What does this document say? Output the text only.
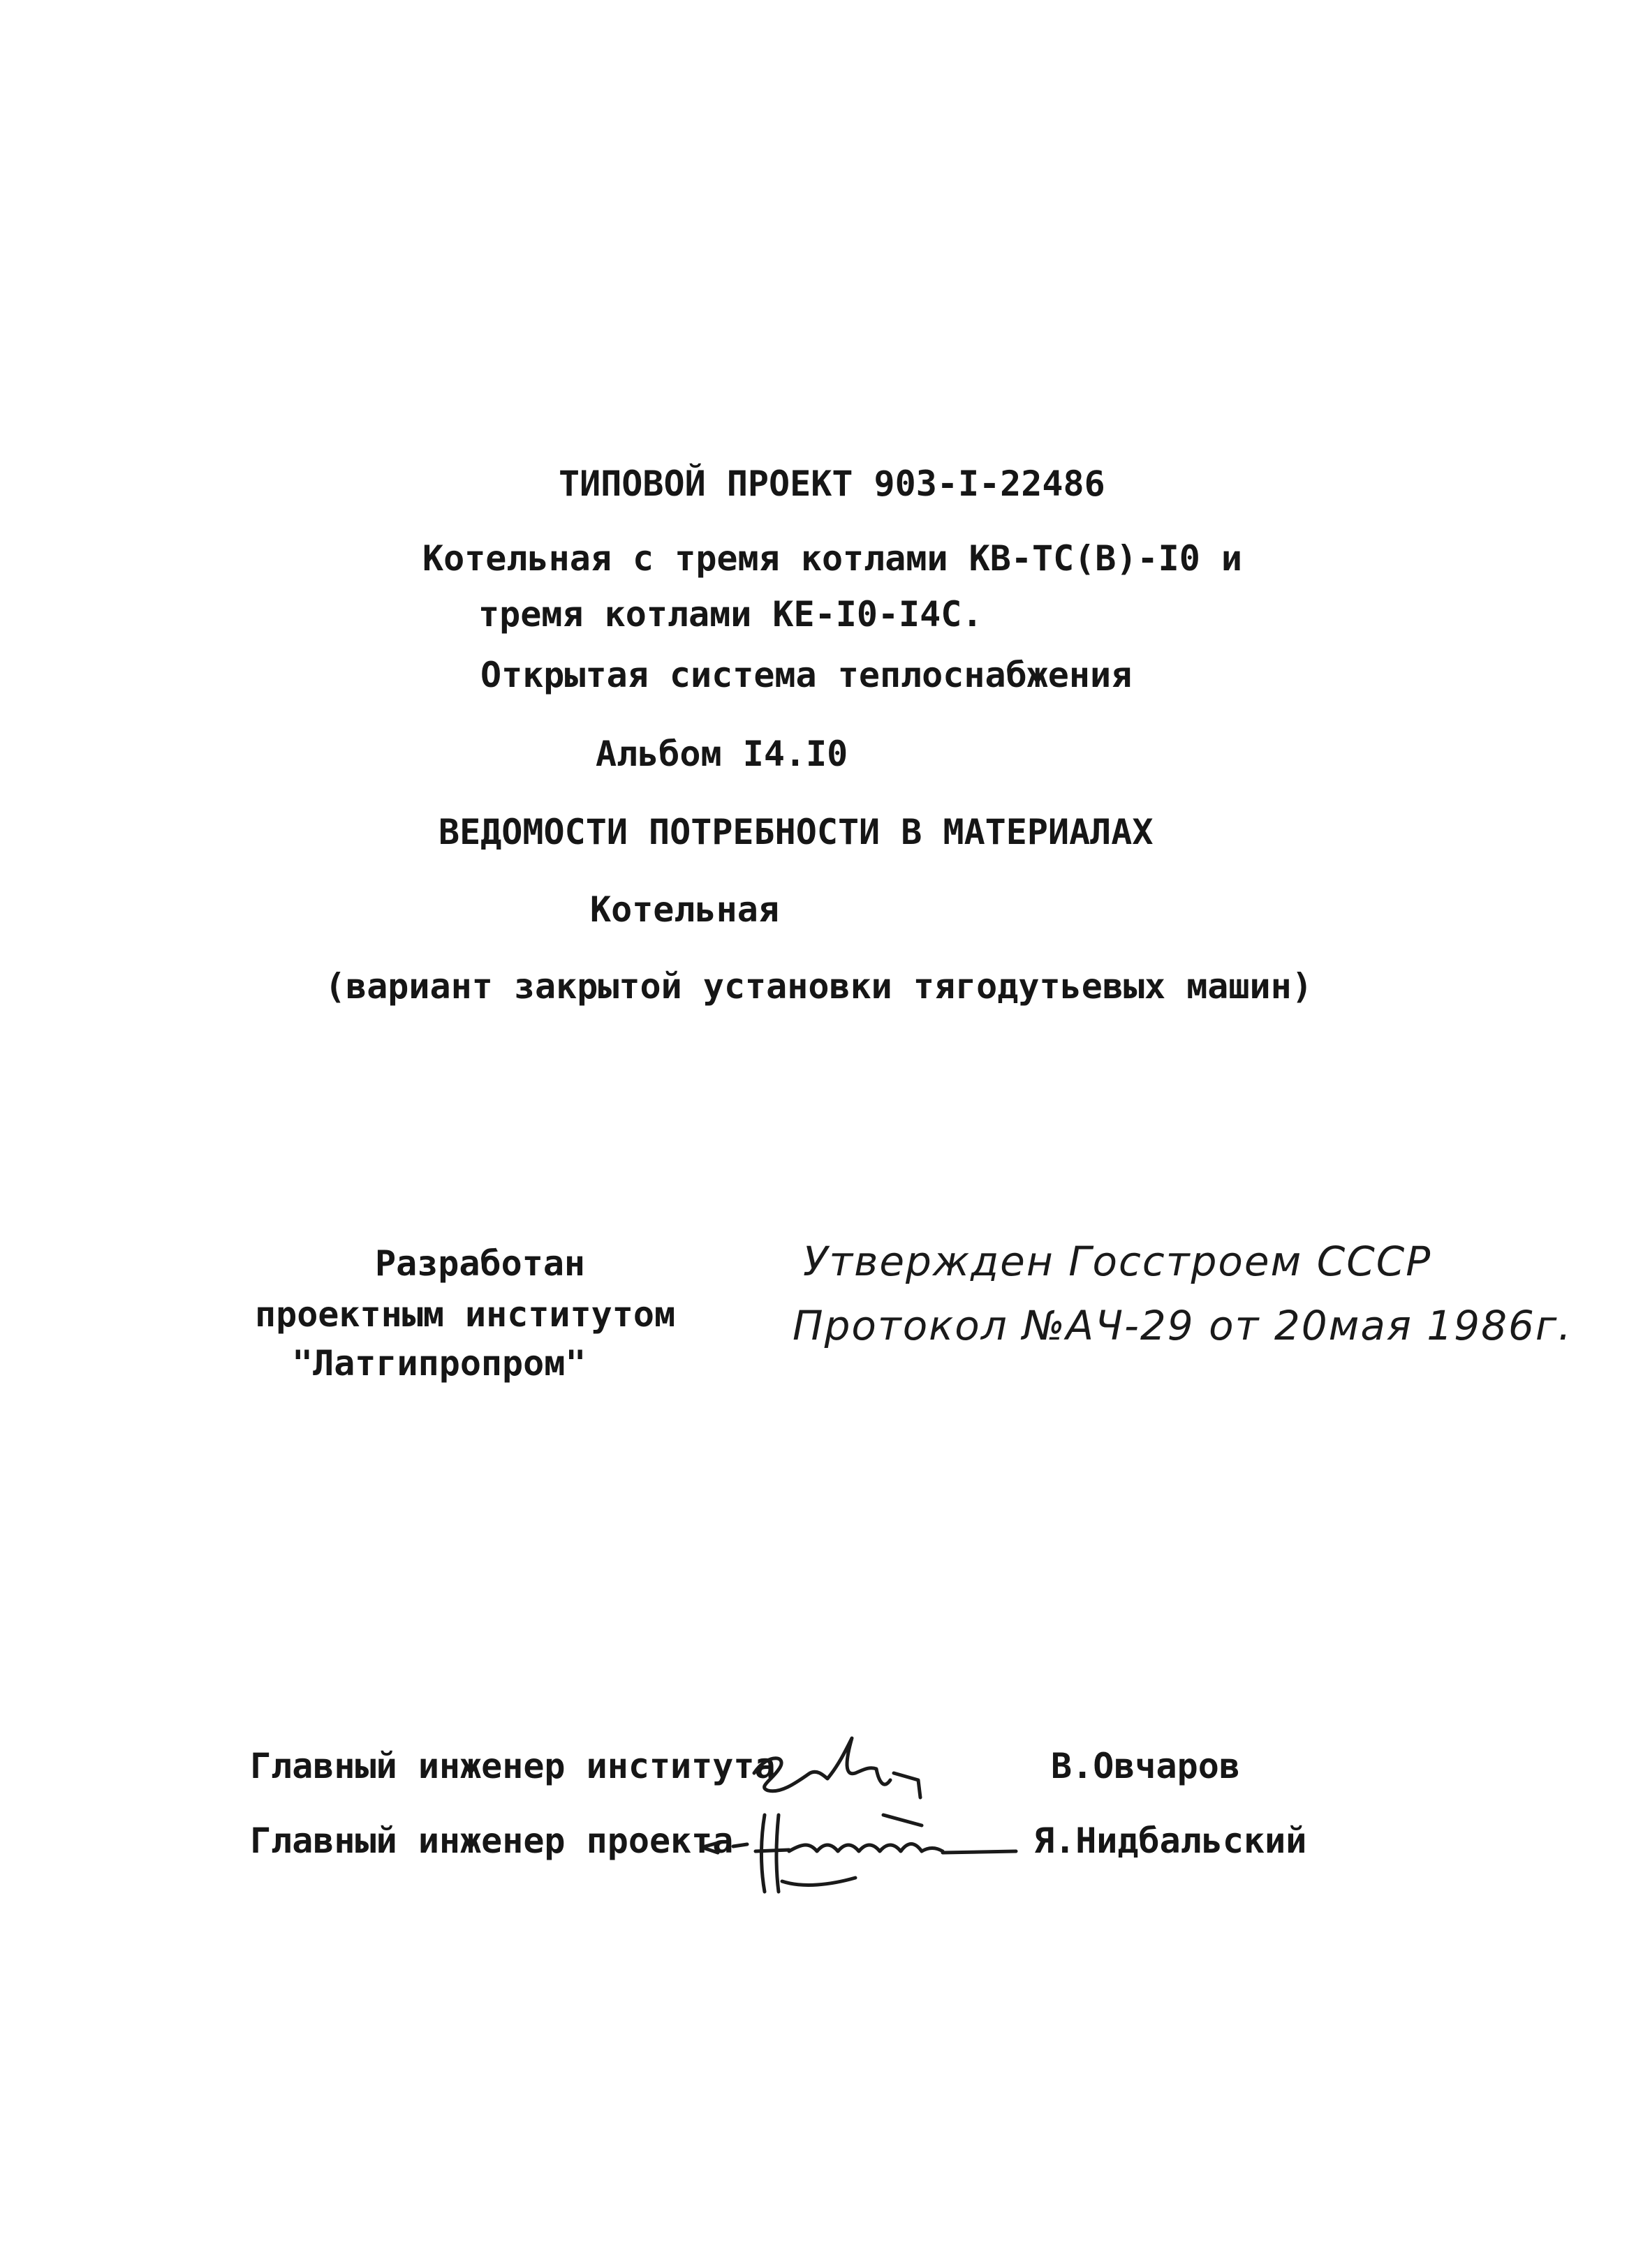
ТИПОВОЙ ПРОЕКТ 903-I-22486
Котельная с тремя котлами КВ-ТС(В)-I0 и
тремя котлами КЕ-I0-I4С.
Открытая система теплоснабжения
Альбом I4.I0
ВЕДОМОСТИ ПОТРЕБНОСТИ В МАТЕРИАЛАХ
Котельная
(вариант закрытой установки тягодутьевых машин)
Разработан
проектным институтом
"Латгипропром"
Утвержден Госстроем СССР
Протокол №АЧ-29 от 20мая 1986г.
Главный инженер института	В.Овчаров
Главный инженер проекта	Я.Нидбальский
